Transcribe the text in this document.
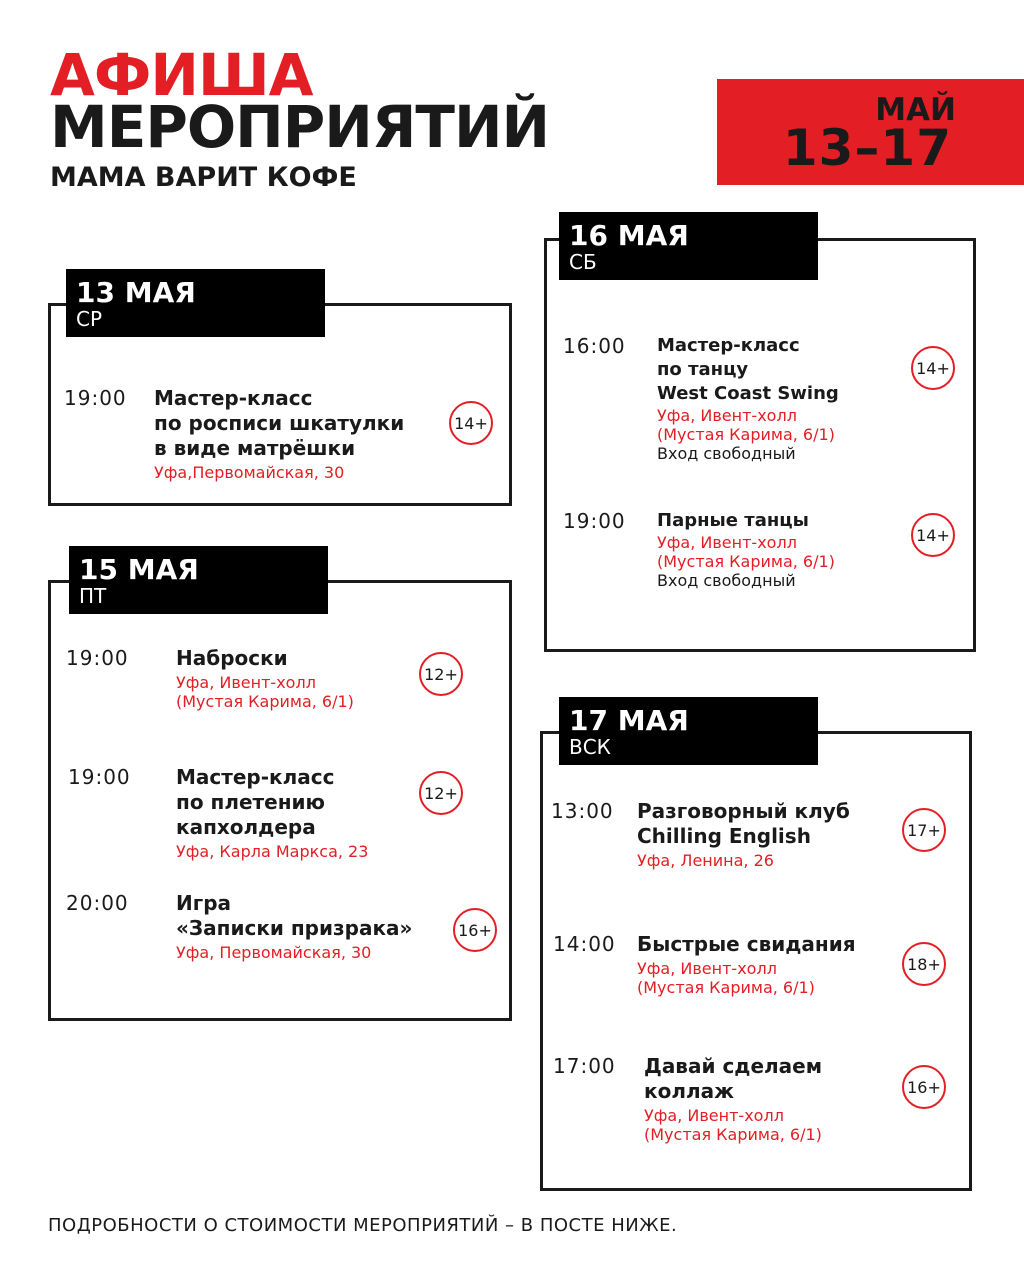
АФИША
МЕРОПРИЯТИЙ
МАМА ВАРИТ КОФЕ
МАЙ
13–17
13 МАЯ
СР
19:00 Мастер-класс
по росписи шкатулки
в виде матрёшки
Уфа,Первомайская, 30
14+
15 МАЯ
ПТ
19:00 Наброски
Уфа, Ивент-холл
(Мустая Карима, 6/1)
12+
19:00 Мастер-класс
по плетению
капхолдера
Уфа, Карла Маркса, 23
12+
20:00 Игра
«Записки призрака»
Уфа, Первомайская, 30
16+
16 МАЯ
СБ
16:00 Мастер-класс
по танцу
West Coast Swing
Уфа, Ивент-холл
(Мустая Карима, 6/1)
Вход свободный
14+
19:00 Парные танцы
Уфа, Ивент-холл
(Мустая Карима, 6/1)
Вход свободный
14+
17 МАЯ
ВСК
13:00 Разговорный клуб
Chilling English
Уфа, Ленина, 26
17+
14:00 Быстрые свидания
Уфа, Ивент-холл
(Мустая Карима, 6/1)
18+
17:00 Давай сделаем
коллаж
Уфа, Ивент-холл
(Мустая Карима, 6/1)
16+
ПОДРОБНОСТИ О СТОИМОСТИ МЕРОПРИЯТИЙ – В ПОСТЕ НИЖЕ.
